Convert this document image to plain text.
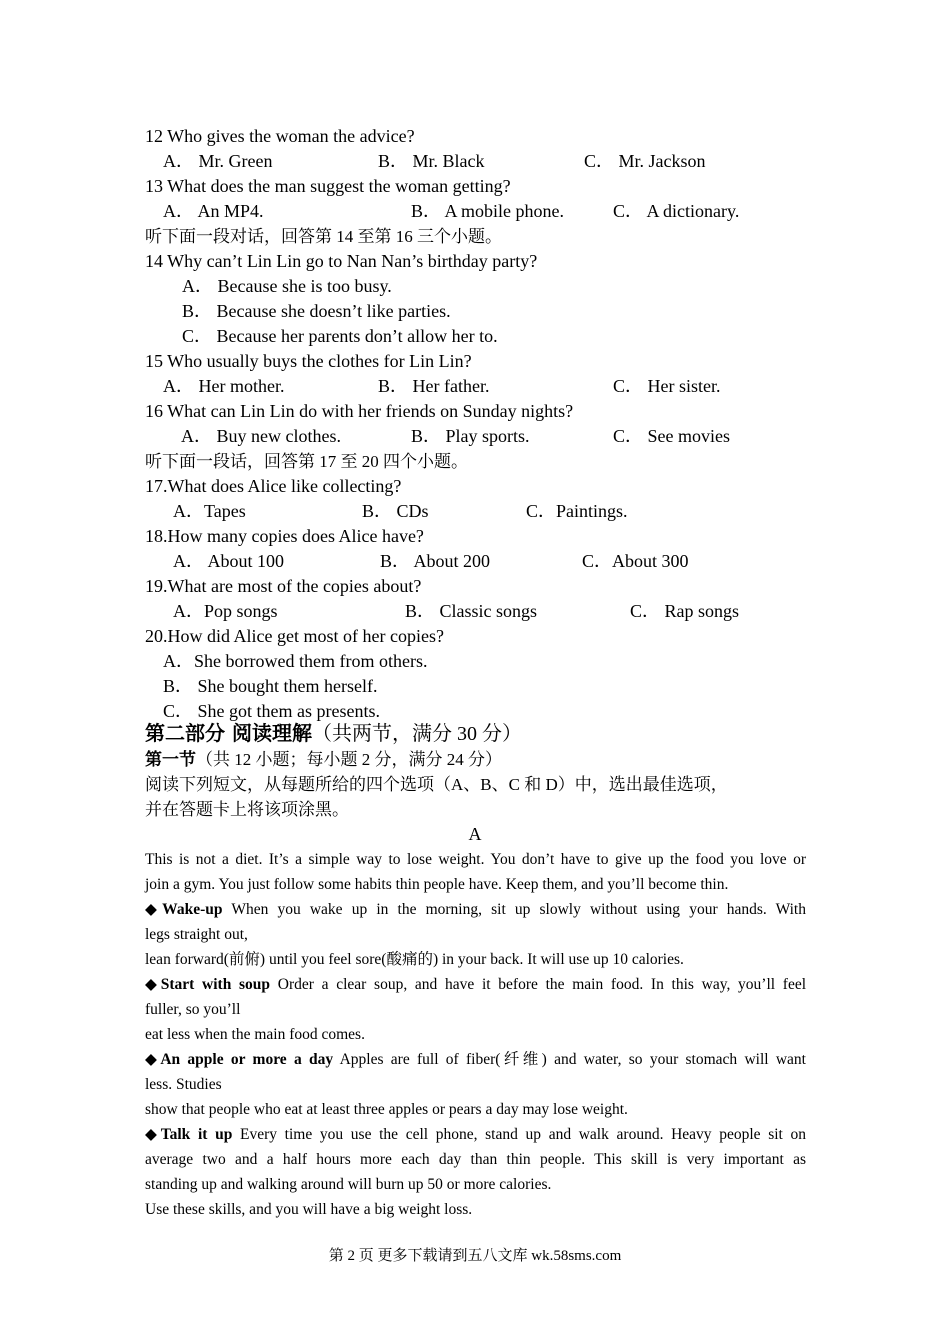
12 Who gives the woman the advice?
A． Mr. Green	B． Mr. Black	C． Mr. Jackson
13 What does the man suggest the woman getting?
A． An MP4.	B． A mobile phone.	C． A dictionary.
听下面一段对话，回答第 14 至第 16 三个小题。
14 Why can’t Lin Lin go to Nan Nan’s birthday party?
A． Because she is too busy.
B． Because she doesn’t like parties.
C． Because her parents don’t allow her to.
15 Who usually buys the clothes for Lin Lin?
A． Her mother.	B． Her father.	C． Her sister.
16 What can Lin Lin do with her friends on Sunday nights?
A． Buy new clothes.	B． Play sports.	C． See movies
听下面一段话，回答第 17 至 20 四个小题。
17.What does Alice like collecting?
A．Tapes	B． CDs	C．Paintings.
18.How many copies does Alice have?
A． About 100	B． About 200	C．About 300
19.What are most of the copies about?
A．Pop songs	B． Classic songs	C． Rap songs
20.How did Alice get most of her copies?
A．She borrowed them from others.
B． She bought them herself.
C． She got them as presents.
第二部分 阅读理解（共两节，满分 30 分）
第一节（共 12 小题；每小题 2 分，满分 24 分）
阅读下列短文，从每题所给的四个选项（A、B、C 和 D）中，选出最佳选项，
并在答题卡上将该项涂黑。
A
This is not a diet. It’s a simple way to lose weight. You don’t have to give up the food you love or
join a gym. You just follow some habits thin people have. Keep them, and you’ll become thin.
◆Wake-up When you wake up in the morning, sit up slowly without using your hands. With
legs straight out,
lean forward(前俯) until you feel sore(酸痛的) in your back. It will use up 10 calories.
◆Start with soup Order a clear soup, and have it before the main food. In this way, you’ll feel
fuller, so you’ll
eat less when the main food comes.
◆An apple or more a day Apples are full of fiber(纤维) and water, so your stomach will want
less. Studies
show that people who eat at least three apples or pears a day may lose weight.
◆Talk it up Every time you use the cell phone, stand up and walk around. Heavy people sit on
average two and a half hours more each day than thin people. This skill is very important as
standing up and walking around will burn up 50 or more calories.
Use these skills, and you will have a big weight loss.
第 2 页 更多下载请到五八文库 wk.58sms.com
